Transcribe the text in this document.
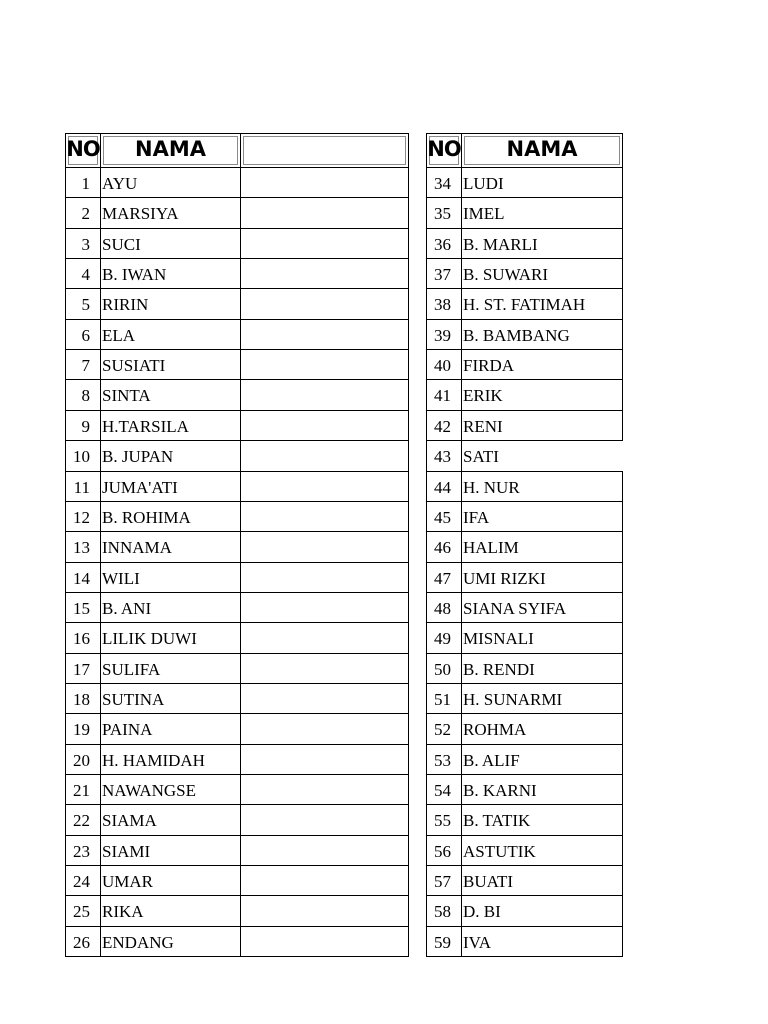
NO	NAMA	NO	NAMA
1 AYU
2 MARSIYA
3 SUCI
4 B. IWAN
5 RIRIN
6 ELA
7 SUSIATI
8 SINTA
9 H.TARSILA
10 B. JUPAN
11 JUMA'ATI
12 B. ROHIMA
13 INNAMA
14 WILI
15 B. ANI
16 LILIK DUWI
17 SULIFA
18 SUTINA
19 PAINA
20 H. HAMIDAH
21 NAWANGSE
22 SIAMA
23 SIAMI
24 UMAR
25 RIKA
26 ENDANG
34 LUDI
35 IMEL
36 B. MARLI
37 B. SUWARI
38 H. ST. FATIMAH
39 B. BAMBANG
40 FIRDA
41 ERIK
42 RENI
43 SATI
44 H. NUR
45 IFA
46 HALIM
47 UMI RIZKI
48 SIANA SYIFA
49 MISNALI
50 B. RENDI
51 H. SUNARMI
52 ROHMA
53 B. ALIF
54 B. KARNI
55 B. TATIK
56 ASTUTIK
57 BUATI
58 D. BI
59 IVA
